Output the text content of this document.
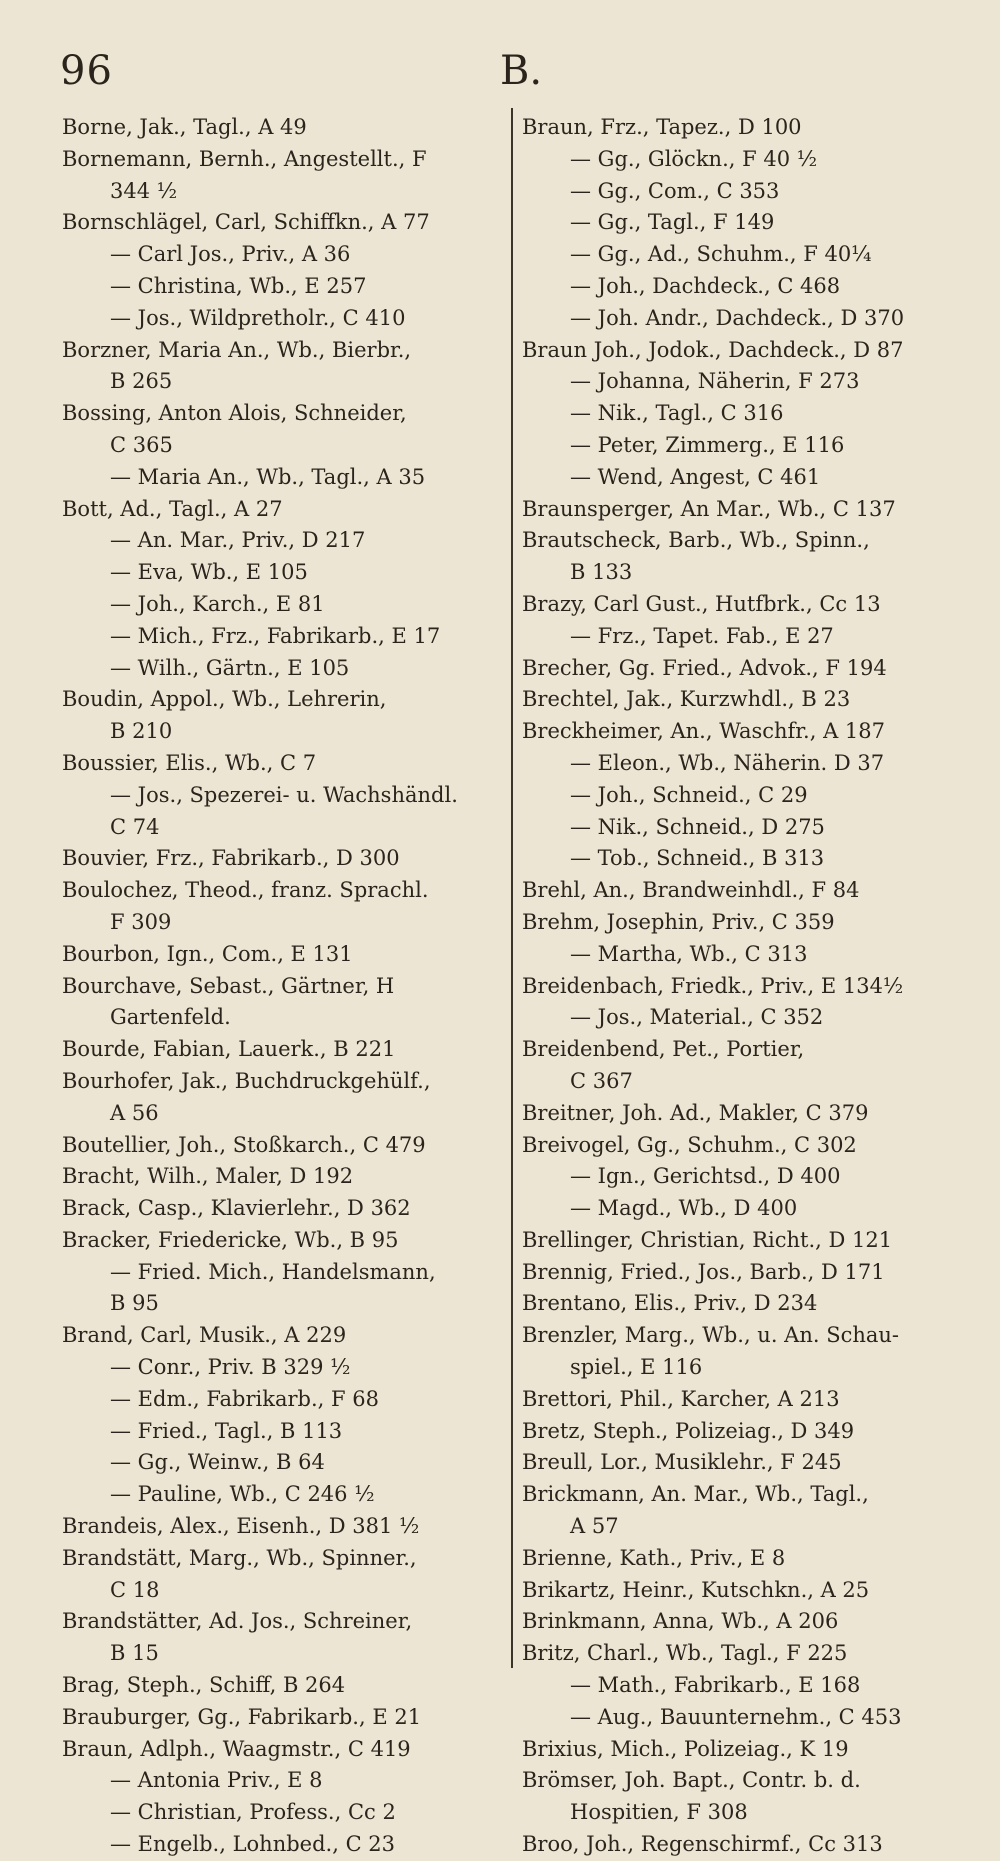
96	B.
Borne, Jak., Tagl., A 49
Bornemann, Bernh., Angestellt., F
344 ½
Bornschlägel, Carl, Schiffkn., A 77
— Carl Jos., Priv., A 36
— Christina, Wb., E 257
— Jos., Wildpretholr., C 410
Borzner, Maria An., Wb., Bierbr.,
B 265
Bossing, Anton Alois, Schneider,
C 365
— Maria An., Wb., Tagl., A 35
Bott, Ad., Tagl., A 27
— An. Mar., Priv., D 217
— Eva, Wb., E 105
— Joh., Karch., E 81
— Mich., Frz., Fabrikarb., E 17
— Wilh., Gärtn., E 105
Boudin, Appol., Wb., Lehrerin,
B 210
Boussier, Elis., Wb., C 7
— Jos., Spezerei- u. Wachshändl.
C 74
Bouvier, Frz., Fabrikarb., D 300
Boulochez, Theod., franz. Sprachl.
F 309
Bourbon, Ign., Com., E 131
Bourchave, Sebast., Gärtner, H
Gartenfeld.
Bourde, Fabian, Lauerk., B 221
Bourhofer, Jak., Buchdruckgehülf.,
A 56
Boutellier, Joh., Stoßkarch., C 479
Bracht, Wilh., Maler, D 192
Brack, Casp., Klavierlehr., D 362
Bracker, Friedericke, Wb., B 95
— Fried. Mich., Handelsmann,
B 95
Brand, Carl, Musik., A 229
— Conr., Priv. B 329 ½
— Edm., Fabrikarb., F 68
— Fried., Tagl., B 113
— Gg., Weinw., B 64
— Pauline, Wb., C 246 ½
Brandeis, Alex., Eisenh., D 381 ½
Brandstätt, Marg., Wb., Spinner.,
C 18
Brandstätter, Ad. Jos., Schreiner,
B 15
Brag, Steph., Schiff, B 264
Brauburger, Gg., Fabrikarb., E 21
Braun, Adlph., Waagmstr., C 419
— Antonia Priv., E 8
— Christian, Profess., Cc 2
— Engelb., Lohnbed., C 23
Braun, Frz., Tapez., D 100
— Gg., Glöckn., F 40 ½
— Gg., Com., C 353
— Gg., Tagl., F 149
— Gg., Ad., Schuhm., F 40¼
— Joh., Dachdeck., C 468
— Joh. Andr., Dachdeck., D 370
Braun Joh., Jodok., Dachdeck., D 87
— Johanna, Näherin, F 273
— Nik., Tagl., C 316
— Peter, Zimmerg., E 116
— Wend, Angest, C 461
Braunsperger, An Mar., Wb., C 137
Brautscheck, Barb., Wb., Spinn.,
B 133
Brazy, Carl Gust., Hutfbrk., Cc 13
— Frz., Tapet. Fab., E 27
Brecher, Gg. Fried., Advok., F 194
Brechtel, Jak., Kurzwhdl., B 23
Breckheimer, An., Waschfr., A 187
— Eleon., Wb., Näherin. D 37
— Joh., Schneid., C 29
— Nik., Schneid., D 275
— Tob., Schneid., B 313
Brehl, An., Brandweinhdl., F 84
Brehm, Josephin, Priv., C 359
— Martha, Wb., C 313
Breidenbach, Friedk., Priv., E 134½
— Jos., Material., C 352
Breidenbend, Pet., Portier,
C 367
Breitner, Joh. Ad., Makler, C 379
Breivogel, Gg., Schuhm., C 302
— Ign., Gerichtsd., D 400
— Magd., Wb., D 400
Brellinger, Christian, Richt., D 121
Brennig, Fried., Jos., Barb., D 171
Brentano, Elis., Priv., D 234
Brenzler, Marg., Wb., u. An. Schau-
spiel., E 116
Brettori, Phil., Karcher, A 213
Bretz, Steph., Polizeiag., D 349
Breull, Lor., Musiklehr., F 245
Brickmann, An. Mar., Wb., Tagl.,
A 57
Brienne, Kath., Priv., E 8
Brikartz, Heinr., Kutschkn., A 25
Brinkmann, Anna, Wb., A 206
Britz, Charl., Wb., Tagl., F 225
— Math., Fabrikarb., E 168
— Aug., Bauunternehm., C 453
Brixius, Mich., Polizeiag., K 19
Brömser, Joh. Bapt., Contr. b. d.
Hospitien, F 308
Broo, Joh., Regenschirmf., Cc 313
